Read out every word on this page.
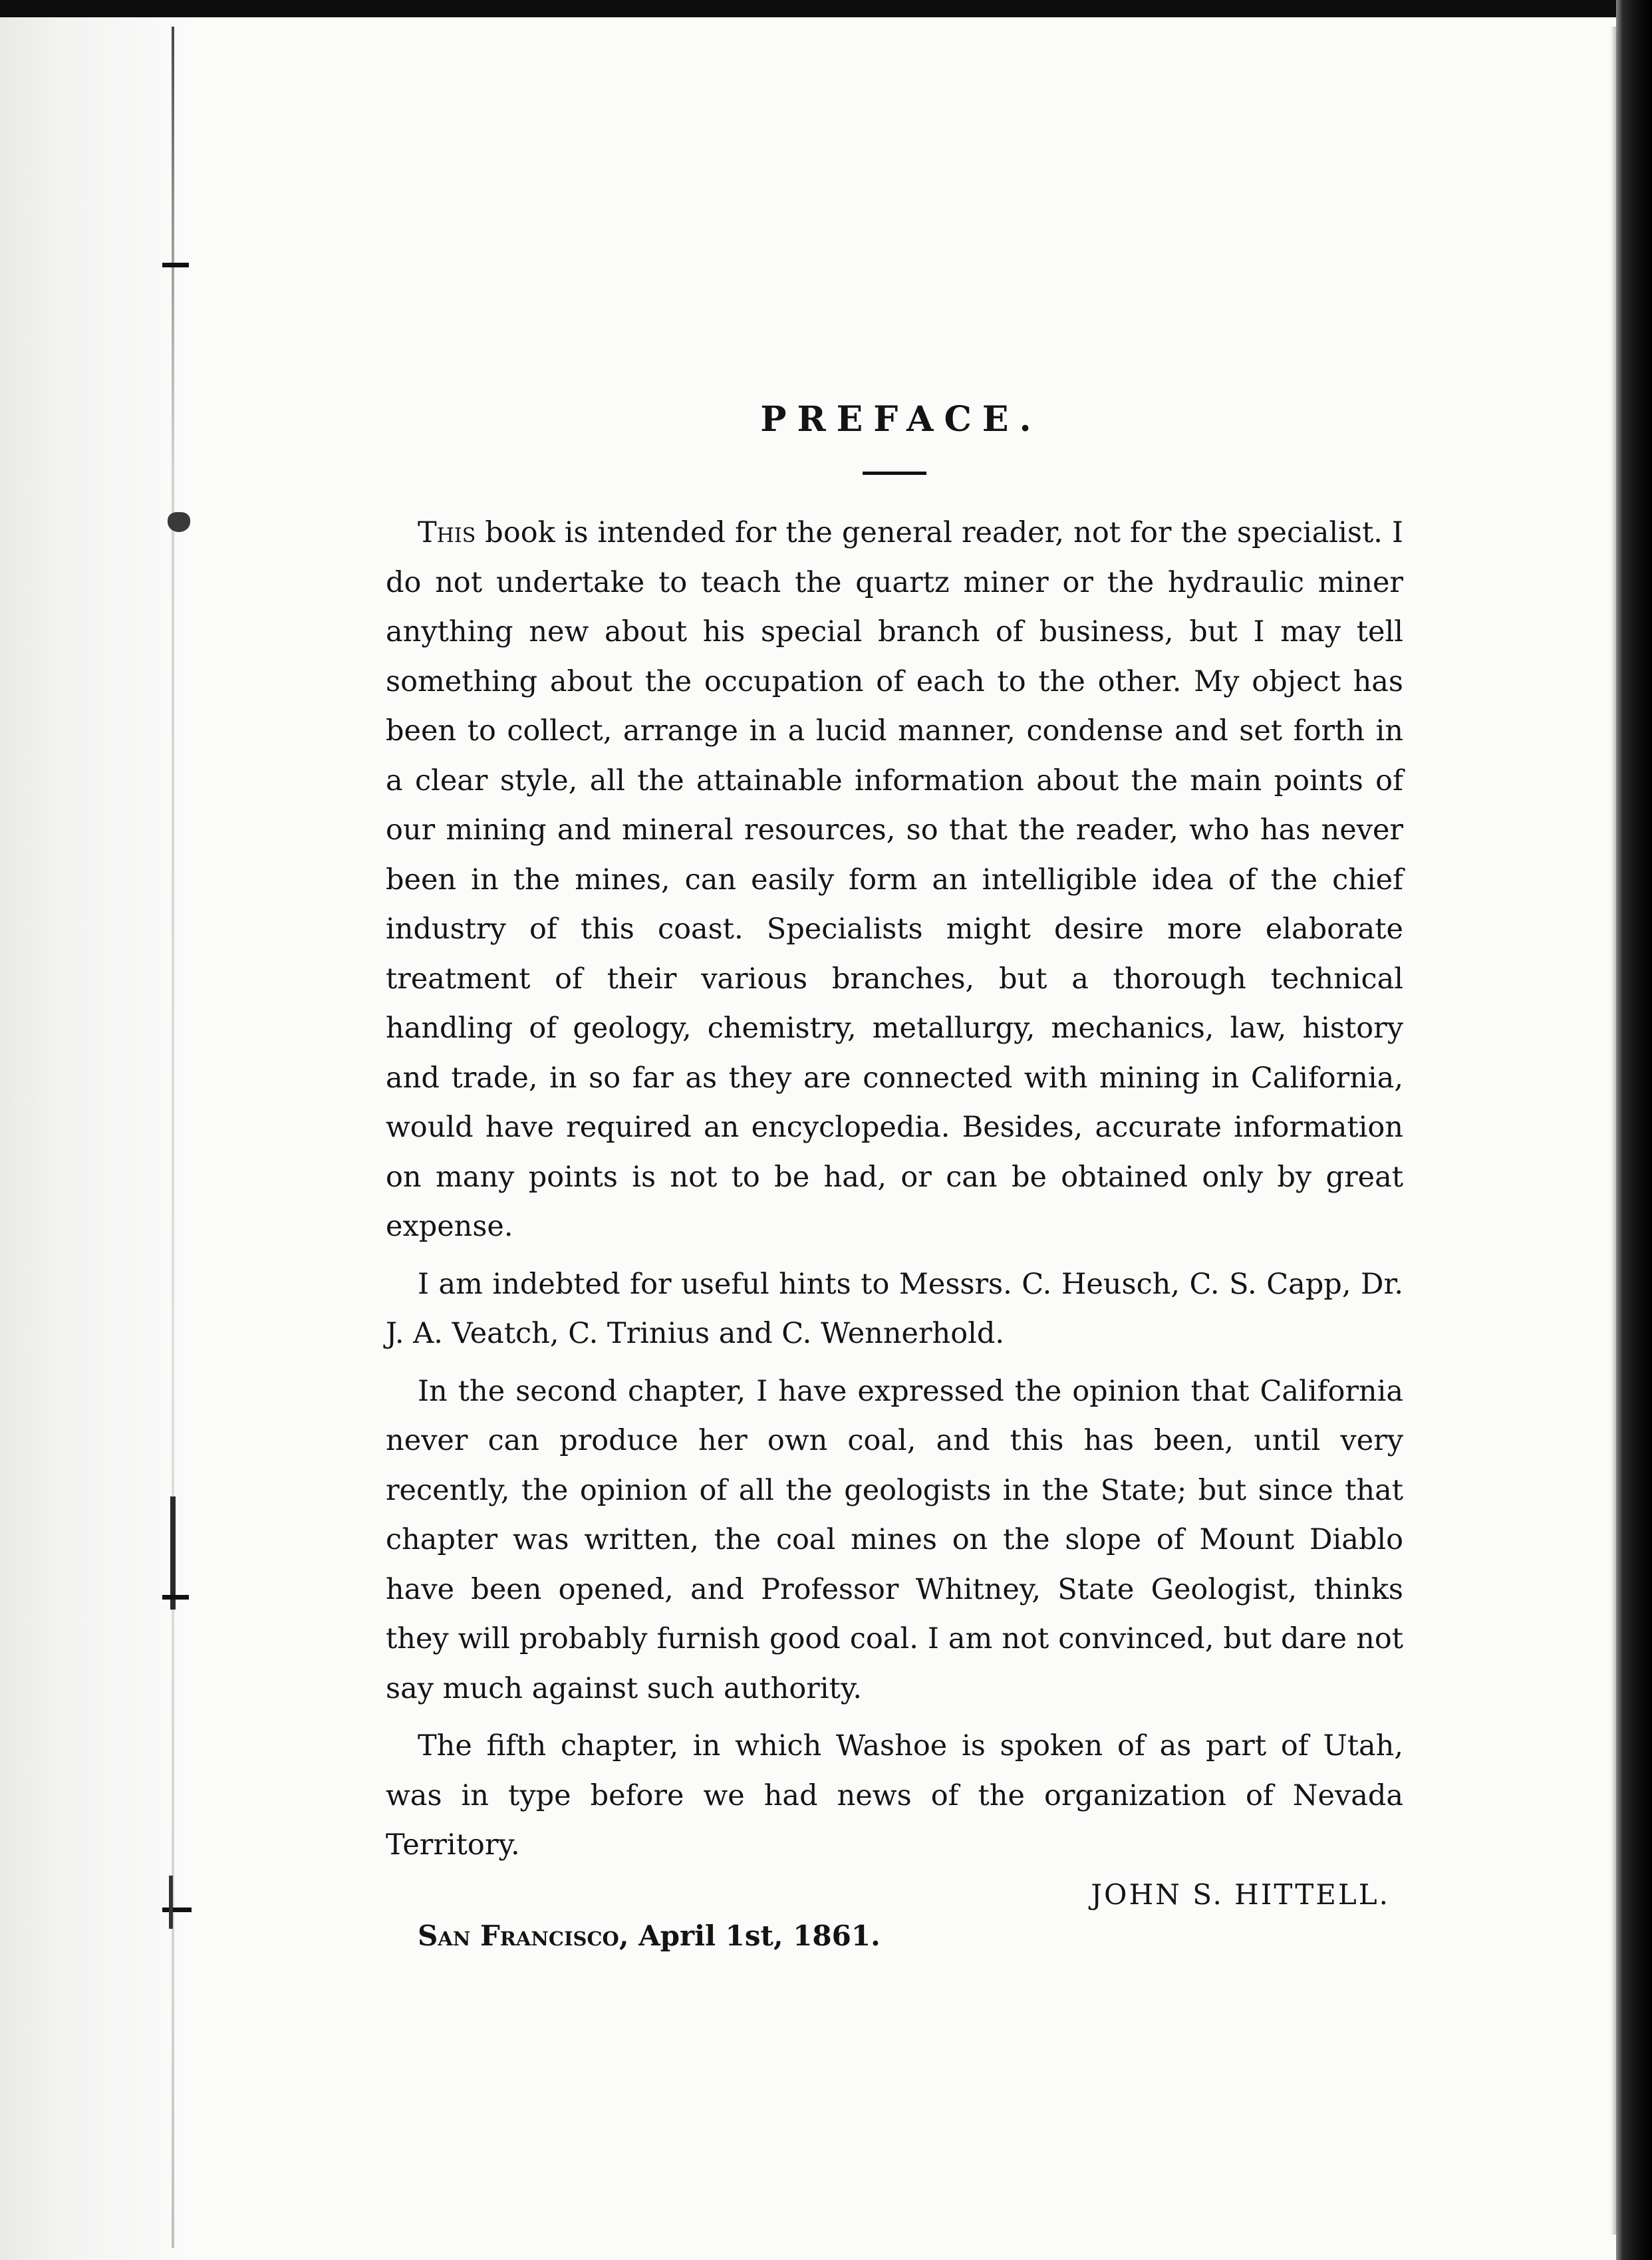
PREFACE.

This book is intended for the general reader, not for the specialist. I do not undertake to teach the quartz miner or the hydraulic miner anything new about his special branch of business, but I may tell something about the occupation of each to the other. My object has been to collect, arrange in a lucid manner, condense and set forth in a clear style, all the attainable information about the main points of our mining and mineral resources, so that the reader, who has never been in the mines, can easily form an intelligible idea of the chief industry of this coast. Specialists might desire more elaborate treatment of their various branches, but a thorough technical handling of geology, chemistry, metallurgy, mechanics, law, history and trade, in so far as they are connected with mining in California, would have required an encyclopedia. Besides, accurate information on many points is not to be had, or can be obtained only by great expense.

I am indebted for useful hints to Messrs. C. Heusch, C. S. Capp, Dr. J. A. Veatch, C. Trinius and C. Wennerhold.

In the second chapter, I have expressed the opinion that California never can produce her own coal, and this has been, until very recently, the opinion of all the geologists in the State; but since that chapter was written, the coal mines on the slope of Mount Diablo have been opened, and Professor Whitney, State Geologist, thinks they will probably furnish good coal. I am not convinced, but dare not say much against such authority.

The fifth chapter, in which Washoe is spoken of as part of Utah, was in type before we had news of the organization of Nevada Territory.

JOHN S. HITTELL.
San Francisco, April 1st, 1861.
